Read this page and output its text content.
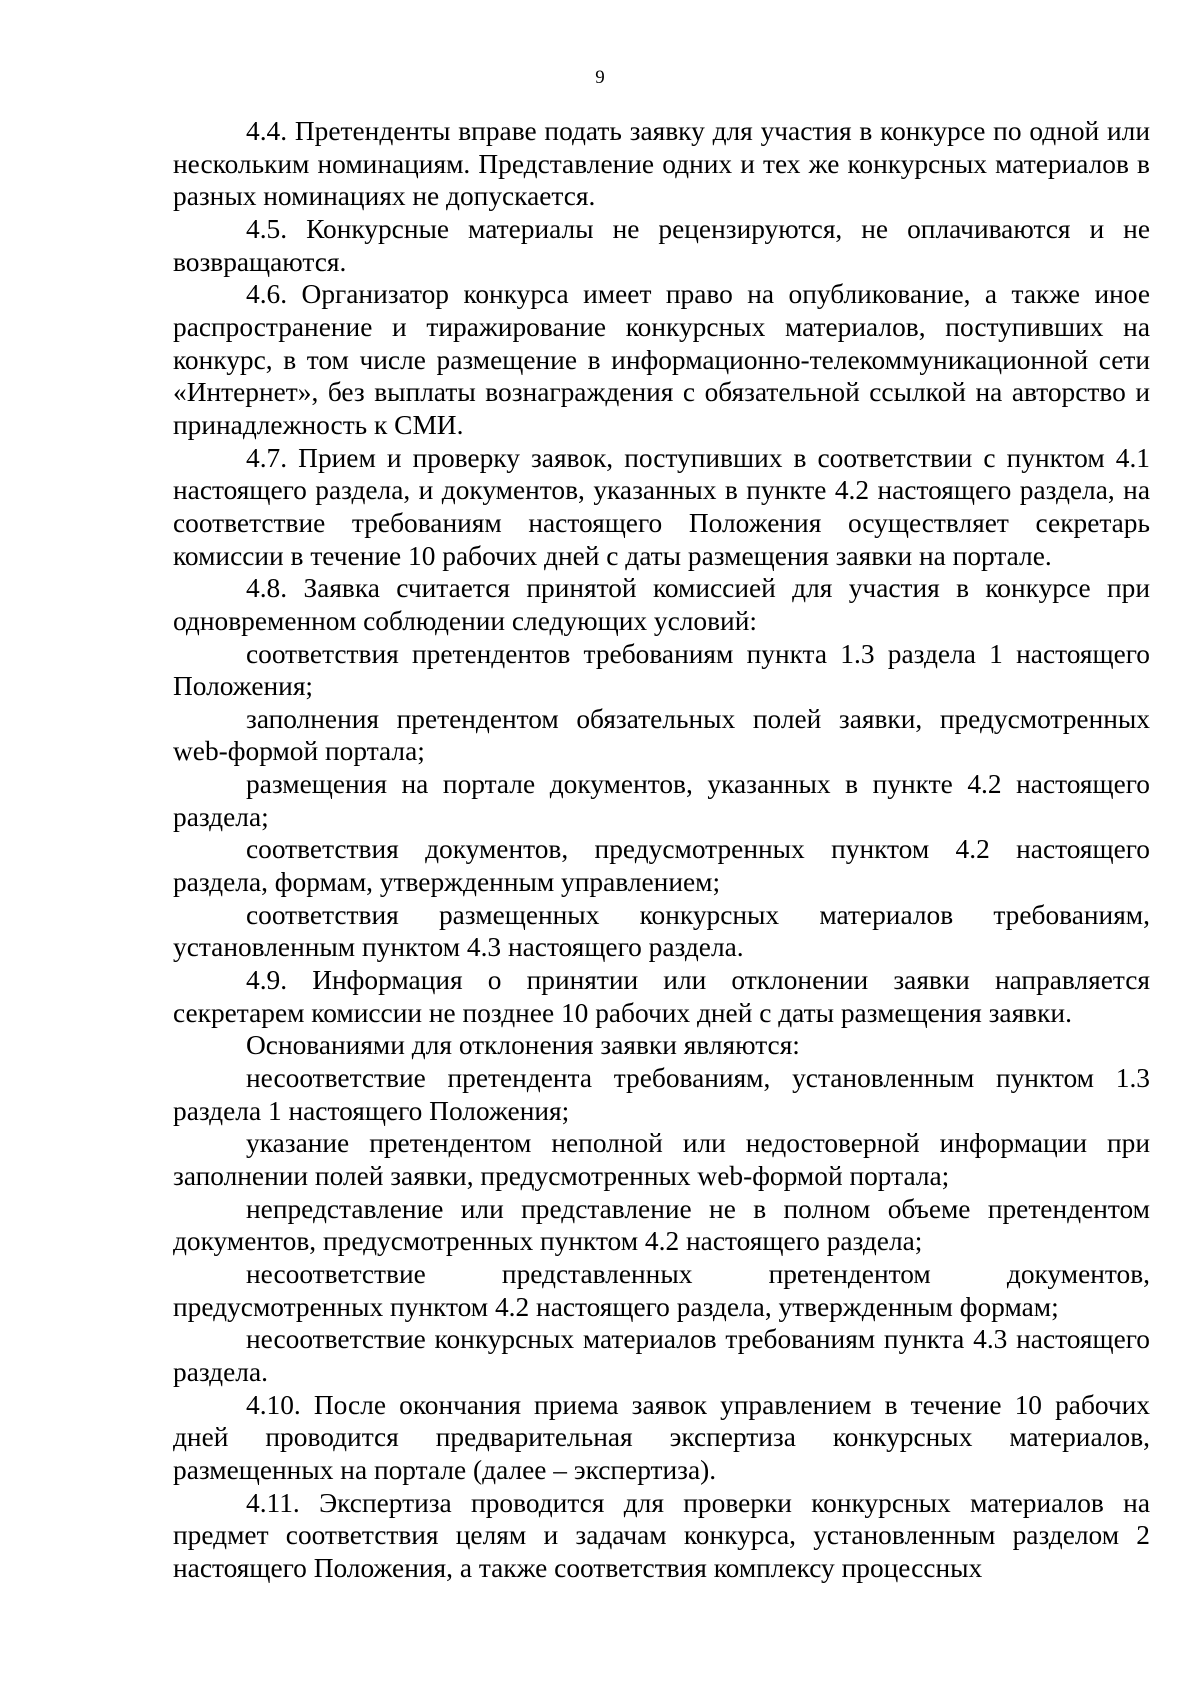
9

4.4. Претенденты вправе подать заявку для участия в конкурсе по одной или нескольким номинациям. Представление одних и тех же конкурсных материалов в разных номинациях не допускается.

4.5. Конкурсные материалы не рецензируются, не оплачиваются и не возвращаются.

4.6. Организатор конкурса имеет право на опубликование, а также иное распространение и тиражирование конкурсных материалов, поступивших на конкурс, в том числе размещение в информационно-телекоммуникационной сети «Интернет», без выплаты вознаграждения с обязательной ссылкой на авторство и принадлежность к СМИ.

4.7. Прием и проверку заявок, поступивших в соответствии с пунктом 4.1 настоящего раздела, и документов, указанных в пункте 4.2 настоящего раздела, на соответствие требованиям настоящего Положения осуществляет секретарь комиссии в течение 10 рабочих дней с даты размещения заявки на портале.

4.8. Заявка считается принятой комиссией для участия в конкурсе при одновременном соблюдении следующих условий:

соответствия претендентов требованиям пункта 1.3 раздела 1 настоящего Положения;

заполнения претендентом обязательных полей заявки, предусмотренных web-формой портала;

размещения на портале документов, указанных в пункте 4.2 настоящего раздела;

соответствия документов, предусмотренных пунктом 4.2 настоящего раздела, формам, утвержденным управлением;

соответствия размещенных конкурсных материалов требованиям, установленным пунктом 4.3 настоящего раздела.

4.9. Информация о принятии или отклонении заявки направляется секретарем комиссии не позднее 10 рабочих дней с даты размещения заявки.

Основаниями для отклонения заявки являются:

несоответствие претендента требованиям, установленным пунктом 1.3 раздела 1 настоящего Положения;

указание претендентом неполной или недостоверной информации при заполнении полей заявки, предусмотренных web-формой портала;

непредставление или представление не в полном объеме претендентом документов, предусмотренных пунктом 4.2 настоящего раздела;

несоответствие представленных претендентом документов, предусмотренных пунктом 4.2 настоящего раздела, утвержденным формам;

несоответствие конкурсных материалов требованиям пункта 4.3 настоящего раздела.

4.10. После окончания приема заявок управлением в течение 10 рабочих дней проводится предварительная экспертиза конкурсных материалов, размещенных на портале (далее – экспертиза).

4.11. Экспертиза проводится для проверки конкурсных материалов на предмет соответствия целям и задачам конкурса, установленным разделом 2 настоящего Положения, а также соответствия комплексу процессных
